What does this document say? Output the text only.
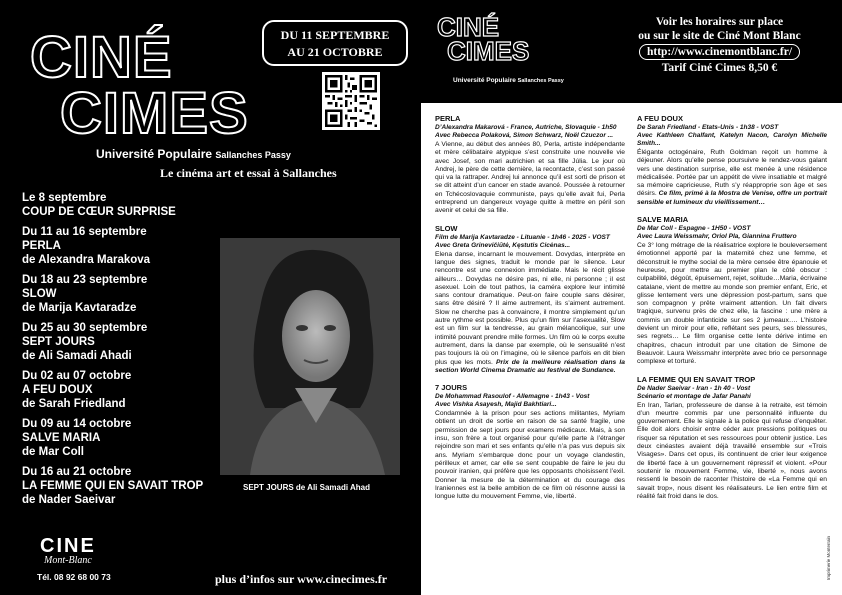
CINÉ
CIMES
DU 11 SEPTEMBRE
AU 21 OCTOBRE
Université Populaire Sallanches Passy
Le cinéma art et essai à Sallanches
Le 8 septembre
COUP DE CŒUR SURPRISE
Du 11 au 16 septembre
PERLA
de Alexandra Marakova
Du 18 au 23 septembre
SLOW
de Marija Kavtaradze
Du 25 au 30 septembre
SEPT JOURS
de Ali Samadi Ahadi
Du 02 au 07 octobre
A FEU DOUX
de Sarah Friedland
Du 09 au 14 octobre
SALVE MARIA
de Mar Coll
Du 16 au 21 octobre
LA FEMME QUI EN SAVAIT TROP
de Nader Saeivar
SEPT JOURS de Ali Samadi Ahad
CINE
Mont-Blanc
Tél. 08 92 68 00 73	plus d’infos sur www.cinecimes.fr
CINÉ
CIMES
Université Populaire Sallanches Passy
Voir les horaires sur place
ou sur le site de Ciné Mont Blanc
http://www.cinemontblanc.fr/
Tarif Ciné Cimes 8,50 €
PERLA
D’Alexandra Makarová - France, Autriche, Slovaquie - 1h50
Avec Rebecca Polaková, Simon Schwarz, Noël Czuczor ...
A Vienne, au début des années 80, Perla, artiste indépendante et mère célibataire atypique s’est construite une nouvelle vie avec Josef, son mari autrichien et sa fille Júlia. Le jour où Andrej, le père de cette dernière, la recontacte, c’est son passé qui va la rattraper. Andrej lui annonce qu’il est sorti de prison et se dit atteint d’un cancer en stade avancé. Poussée à retourner en Tchécoslovaquie communiste, pays qu’elle avait fui, Perla entreprend un dangereux voyage quitte à mettre en péril son avenir et celui de sa fille.
SLOW
Film de Marija Kavtaradze - Lituanie - 1h46 - 2025 - VOST
Avec Greta Grinevičiūtė, Kęstutis Cicėnas...
Elena danse, incarnant le mouvement. Dovydas, interprète en langue des signes, traduit le monde par le silence. Leur rencontre est une connexion immédiate. Mais le récit glisse ailleurs… Dovydas ne désire pas, ni elle, ni personne ; il est asexuel. Loin de tout pathos, la caméra explore leur intimité sans contour dramatique. Peut-on faire couple sans désirer, sans être désiré ? Il aime autrement, ils s’aiment autrement. Slow ne cherche pas à convaincre, il montre simplement qu’un autre rythme est possible. Plus qu’un film sur l’asexualité, Slow est un film sur la tendresse, au grain mélancolique, sur une intimité pouvant prendre mille formes. Un film où le corps exulte autrement, dans la danse par exemple, où le sensualité n’est pas toujours là où on l’imagine, où le silence parfois en dit bien plus que les mots. Prix de la meilleure réalisation dans la section World Cinema Dramatic au festival de Sundance.
7 JOURS
De Mohammad Rasoulof - Allemagne - 1h43 - Vost
Avec Vishka Asayesh, Majid Bakhtiari...
Condamnée à la prison pour ses actions militantes, Myriam obtient un droit de sortie en raison de sa santé fragile, une permission de sept jours pour examens médicaux. Mais, à son insu, son frère a tout organisé pour qu’elle parte à l’étranger rejoindre son mari et ses enfants qu’elle n’a pas vus depuis six ans. Myriam s’embarque donc pour un voyage clandestin, périlleux et amer, car elle se sent coupable de faire le jeu du pouvoir iranien, qui préfère que les opposants choisissent l’exil. Donner la mesure de la détermination et du courage des Iraniennes est la belle ambition de ce film où résonne aussi la longue lutte du mouvement Femme, vie, liberté.
A FEU DOUX
De Sarah Friedland - Etats-Unis - 1h38 - VOST
Avec Kathleen Chalfant, Katelyn Nacon, Carolyn Michelle Smith...
Élégante octogénaire, Ruth Goldman reçoit un homme à déjeuner. Alors qu’elle pense poursuivre le rendez-vous galant vers une destination surprise, elle est menée à une résidence médicalisée. Portée par un appétit de vivre insatiable et malgré sa mémoire capricieuse, Ruth s’y réapproprie son âge et ses désirs. Ce film, primé à la Mostra de Venise, offre un portrait sensible et lumineux du vieillissement…
SALVE MARIA
De Mar Coll - Espagne - 1H50 - VOST
Avec Laura Weissmahr, Oriol Pla, Giannina Fruttero
Ce 3° long métrage de la réalisatrice explore le bouleversement émotionnel apporté par la maternité chez une femme, et déconstruit le mythe social de la mère censée être épanouie et heureuse, pour mettre au premier plan le côté obscur : culpabilité, dégoût, épuisement, rejet, solitude…Maria, écrivaine catalane, vient de mettre au monde son premier enfant, Eric, et glisse lentement vers une dépression post-partum, sans que son compagnon y prête vraiment attention. Un fait divers tragique, survenu près de chez elle, la fascine : une mère a commis un double infanticide sur ses 2 jumeaux…. L’histoire devient un miroir pour elle, reflétant ses peurs, ses blessures, ses regrets… Le film organise cette lente dérive intime en chapitres, chacun introduit par une citation de Simone de Beauvoir. Laura Weissmahr interprète avec brio ce personnage complexe et torturé.
LA FEMME QUI EN SAVAIT TROP
De Nader Saeivar - Iran - 1h 40 - Vost
Scénario et montage de Jafar Panahi
En Iran, Tarlan, professeure de danse à la retraite, est témoin d’un meurtre commis par une personnalité influente du gouvernement. Elle le signale à la police qui refuse d’enquêter. Elle doit alors choisir entre céder aux pressions politiques ou risquer sa réputation et ses ressources pour obtenir justice. Les deux cinéastes avaient déjà travaillé ensemble sur «Trois Visages». Dans cet opus, ils continuent de crier leur exigence de liberté face à un gouvernement répressif et violent. «Pour soutenir le mouvement Femme, vie, liberté », nous avons ressenti le besoin de raconter l’histoire de «La Femme qui en savait trop», nous disent les réalisateurs. Le lien entre film et réalité fait froid dans le dos.
Imprimerie Monterrain
